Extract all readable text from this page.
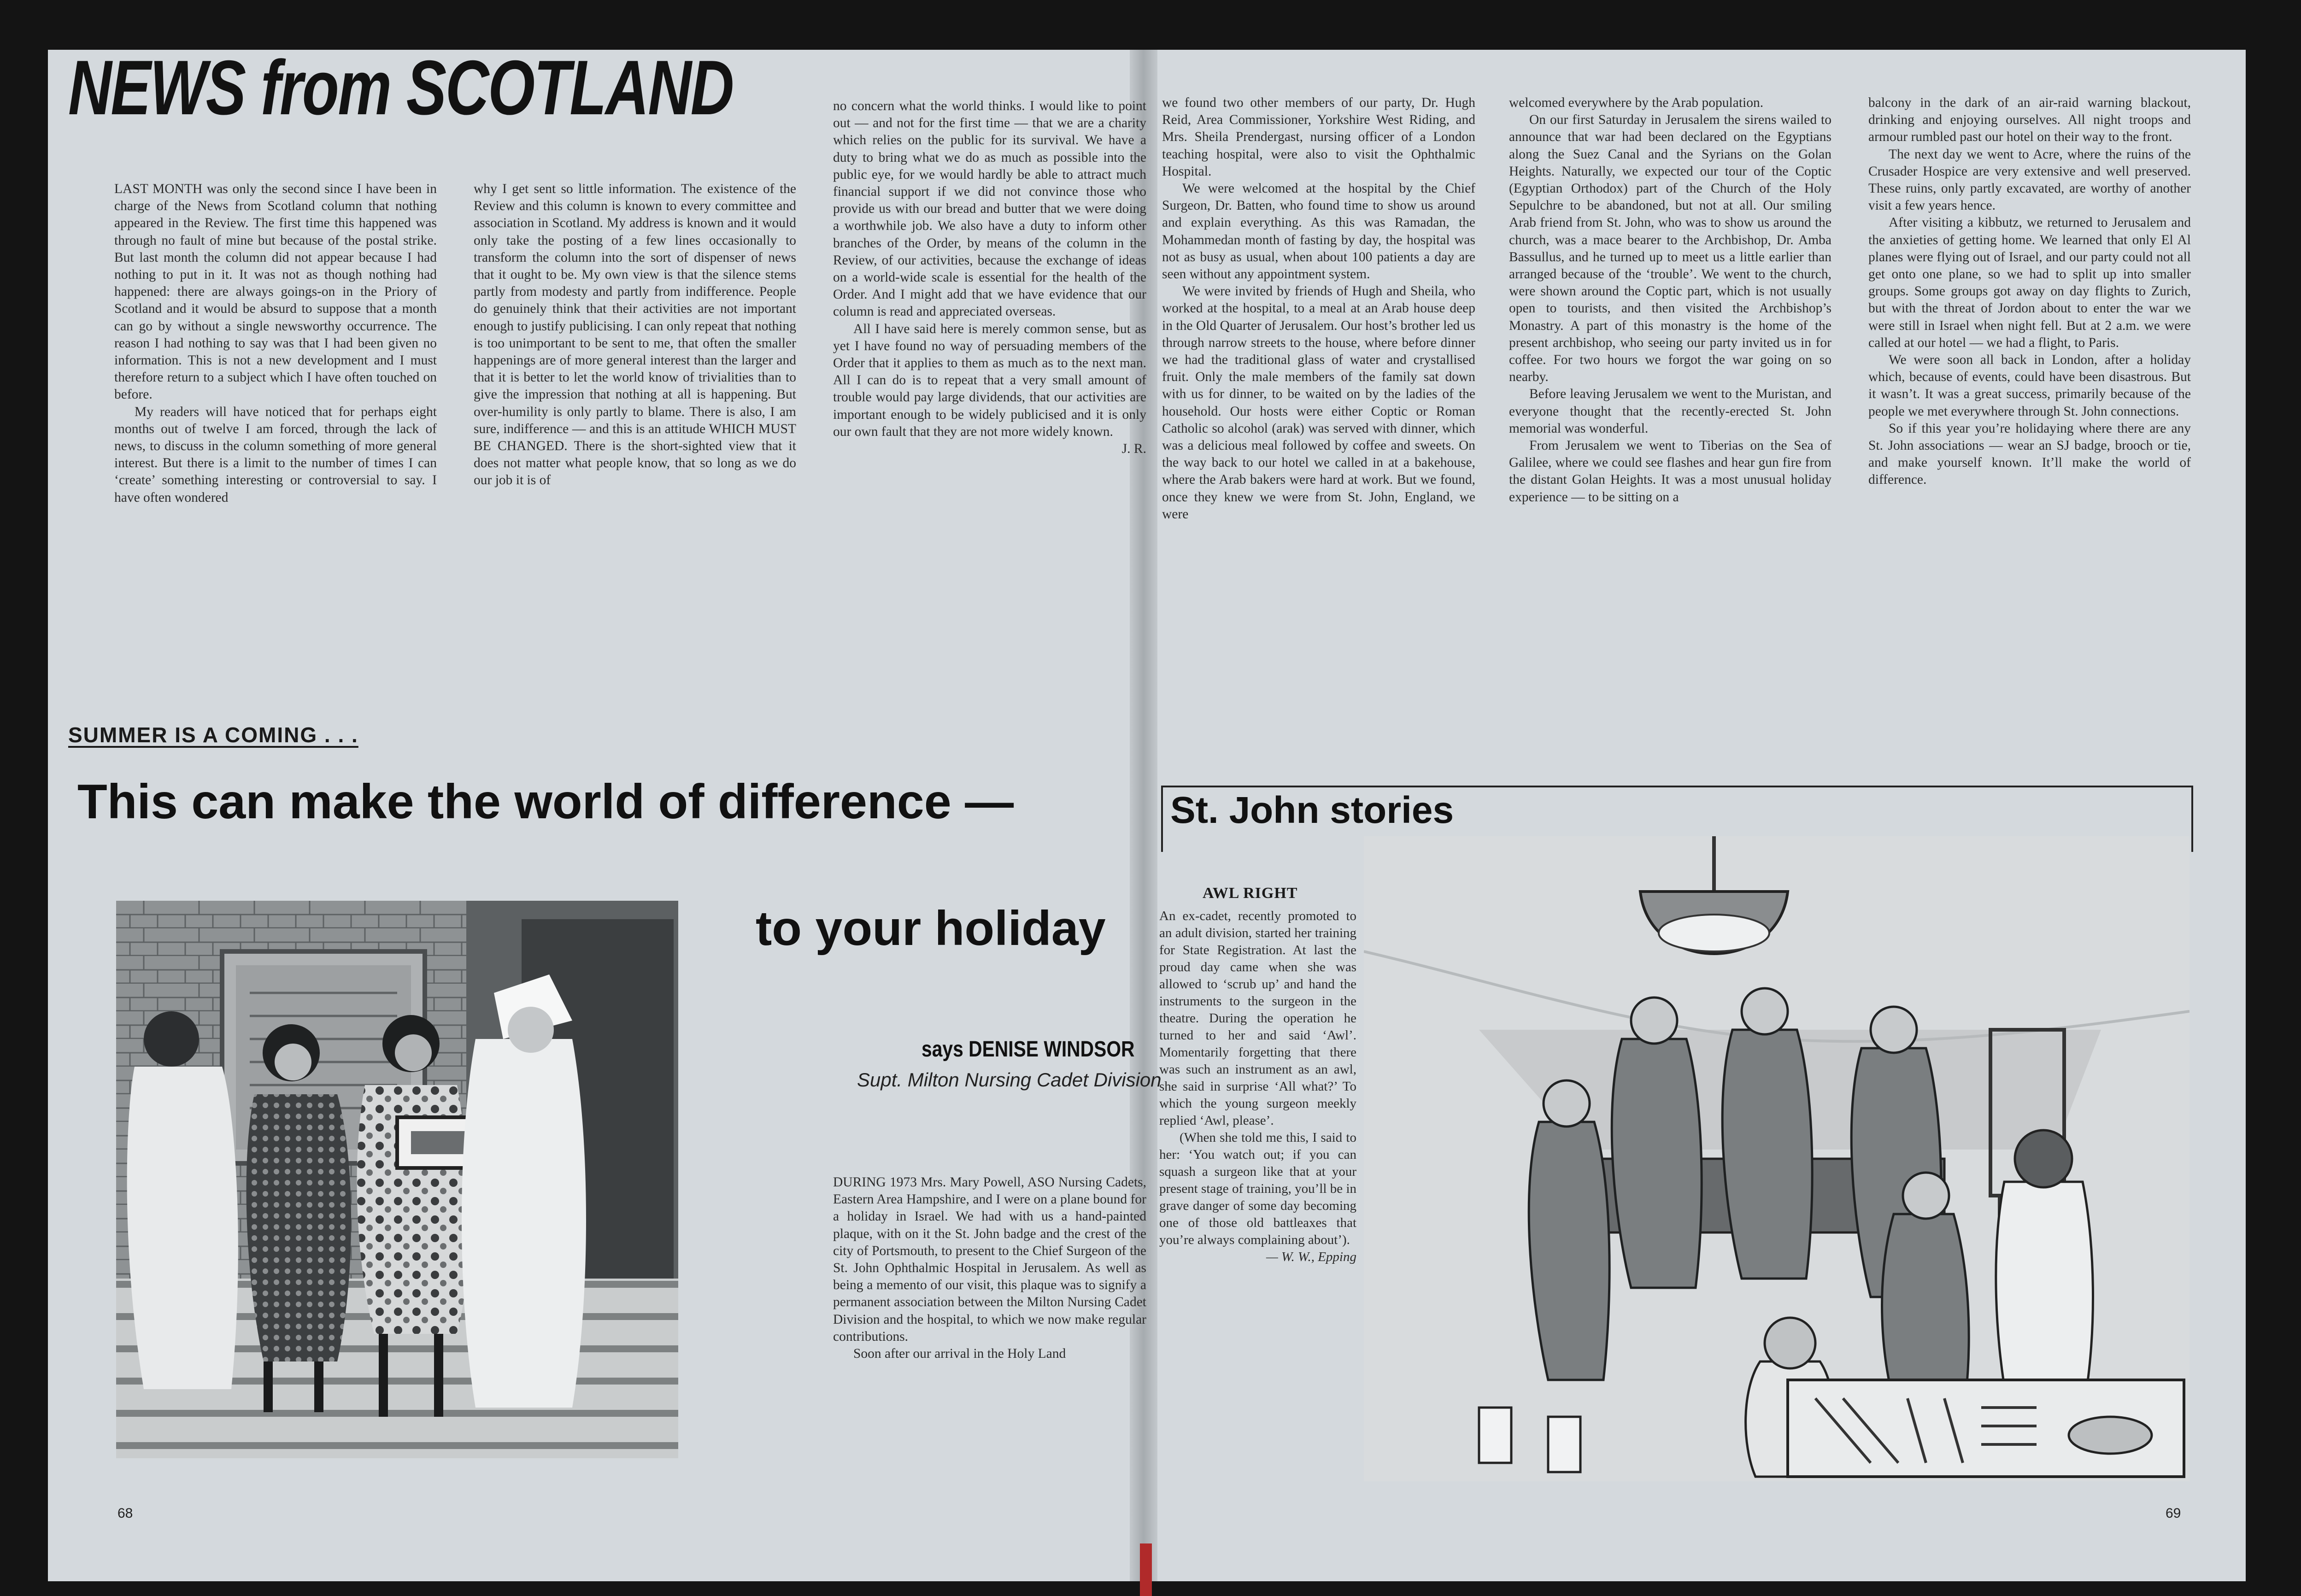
NEWS from SCOTLAND

LAST MONTH was only the second since I have been in charge of the News from Scotland column that nothing appeared in the Review. The first time this happened was through no fault of mine but because of the postal strike. But last month the column did not appear because I had nothing to put in it. It was not as though nothing had happened: there are always goings-on in the Priory of Scotland and it would be absurd to suppose that a month can go by without a single newsworthy occurrence. The reason I had nothing to say was that I had been given no information. This is not a new development and I must therefore return to a subject which I have often touched on before.

My readers will have noticed that for perhaps eight months out of twelve I am forced, through the lack of news, to discuss in the column something of more general interest. But there is a limit to the number of times I can ‘create’ something interesting or controversial to say. I have often wondered

why I get sent so little information. The existence of the Review and this column is known to every committee and association in Scotland. My address is known and it would only take the posting of a few lines occasionally to transform the column into the sort of dispenser of news that it ought to be. My own view is that the silence stems partly from modesty and partly from indifference. People do genuinely think that their activities are not important enough to justify publicising. I can only repeat that nothing is too unimportant to be sent to me, that often the smaller happenings are of more general interest than the larger and that it is better to let the world know of trivialities than to give the impression that nothing at all is happening. But over-humility is only partly to blame. There is also, I am sure, indifference — and this is an attitude WHICH MUST BE CHANGED. There is the short-sighted view that it does not matter what people know, that so long as we do our job it is of

no concern what the world thinks. I would like to point out — and not for the first time — that we are a charity which relies on the public for its survival. We have a duty to bring what we do as much as possible into the public eye, for we would hardly be able to attract much financial support if we did not convince those who provide us with our bread and butter that we were doing a worthwhile job. We also have a duty to inform other branches of the Order, by means of the column in the Review, of our activities, because the exchange of ideas on a world-wide scale is essential for the health of the Order. And I might add that we have evidence that our column is read and appreciated overseas.

All I have said here is merely common sense, but as yet I have found no way of persuading members of the Order that it applies to them as much as to the next man. All I can do is to repeat that a very small amount of trouble would pay large dividends, that our activities are important enough to be widely publicised and it is only our own fault that they are not more widely known.

J. R.
SUMMER IS A COMING . . .
This can make the world of difference —
to your holiday
says DENISE WINDSOR
Supt. Milton Nursing Cadet Division

DURING 1973 Mrs. Mary Powell, ASO Nursing Cadets, Eastern Area Hampshire, and I were on a plane bound for a holiday in Israel. We had with us a hand-painted plaque, with on it the St. John badge and the crest of the city of Portsmouth, to present to the Chief Surgeon of the St. John Ophthalmic Hospital in Jerusalem. As well as being a memento of our visit, this plaque was to signify a permanent association between the Milton Nursing Cadet Division and the hospital, to which we now make regular contributions.

Soon after our arrival in the Holy Land

68

we found two other members of our party, Dr. Hugh Reid, Area Commissioner, Yorkshire West Riding, and Mrs. Sheila Prendergast, nursing officer of a London teaching hospital, were also to visit the Ophthalmic Hospital.

We were welcomed at the hospital by the Chief Surgeon, Dr. Batten, who found time to show us around and explain everything. As this was Ramadan, the Mohammedan month of fasting by day, the hospital was not as busy as usual, when about 100 patients a day are seen without any appointment system.

We were invited by friends of Hugh and Sheila, who worked at the hospital, to a meal at an Arab house deep in the Old Quarter of Jerusalem. Our host’s brother led us through narrow streets to the house, where before dinner we had the traditional glass of water and crystallised fruit. Only the male members of the family sat down with us for dinner, to be waited on by the ladies of the household. Our hosts were either Coptic or Roman Catholic so alcohol (arak) was served with dinner, which was a delicious meal followed by coffee and sweets. On the way back to our hotel we called in at a bakehouse, where the Arab bakers were hard at work. But we found, once they knew we were from St. John, England, we were

welcomed everywhere by the Arab population.

On our first Saturday in Jerusalem the sirens wailed to announce that war had been declared on the Egyptians along the Suez Canal and the Syrians on the Golan Heights. Naturally, we expected our tour of the Coptic (Egyptian Orthodox) part of the Church of the Holy Sepulchre to be abandoned, but not at all. Our smiling Arab friend from St. John, who was to show us around the church, was a mace bearer to the Archbishop, Dr. Amba Bassullus, and he turned up to meet us a little earlier than arranged because of the ‘trouble’. We went to the church, were shown around the Coptic part, which is not usually open to tourists, and then visited the Archbishop’s Monastry. A part of this monastry is the home of the present archbishop, who seeing our party invited us in for coffee. For two hours we forgot the war going on so nearby.

Before leaving Jerusalem we went to the Muristan, and everyone thought that the recently-erected St. John memorial was wonderful.

From Jerusalem we went to Tiberias on the Sea of Galilee, where we could see flashes and hear gun fire from the distant Golan Heights. It was a most unusual holiday experience — to be sitting on a

balcony in the dark of an air-raid warning blackout, drinking and enjoying ourselves. All night troops and armour rumbled past our hotel on their way to the front.

The next day we went to Acre, where the ruins of the Crusader Hospice are very extensive and well preserved. These ruins, only partly excavated, are worthy of another visit a few years hence.

After visiting a kibbutz, we returned to Jerusalem and the anxieties of getting home. We learned that only El Al planes were flying out of Israel, and our party could not all get onto one plane, so we had to split up into smaller groups. Some groups got away on day flights to Zurich, but with the threat of Jordon about to enter the war we were still in Israel when night fell. But at 2 a.m. we were called at our hotel — we had a flight, to Paris.

We were soon all back in London, after a holiday which, because of events, could have been disastrous. But it wasn’t. It was a great success, primarily because of the people we met everywhere through St. John connections.

So if this year you’re holidaying where there are any St. John associations — wear an SJ badge, brooch or tie, and make yourself known. It’ll make the world of difference.

St. John stories
AWL RIGHT

An ex-cadet, recently promoted to an adult division, started her training for State Registration. At last the proud day came when she was allowed to ‘scrub up’ and hand the instruments to the surgeon in the theatre. During the operation he turned to her and said ‘Awl’. Momentarily forgetting that there was such an instrument as an awl, she said in surprise ‘All what?’ To which the young surgeon meekly replied ‘Awl, please’.

(When she told me this, I said to her: ‘You watch out; if you can squash a surgeon like that at your present stage of training, you’ll be in grave danger of some day becoming one of those old battleaxes that you’re always complaining about’).

— W. W., Epping
69
